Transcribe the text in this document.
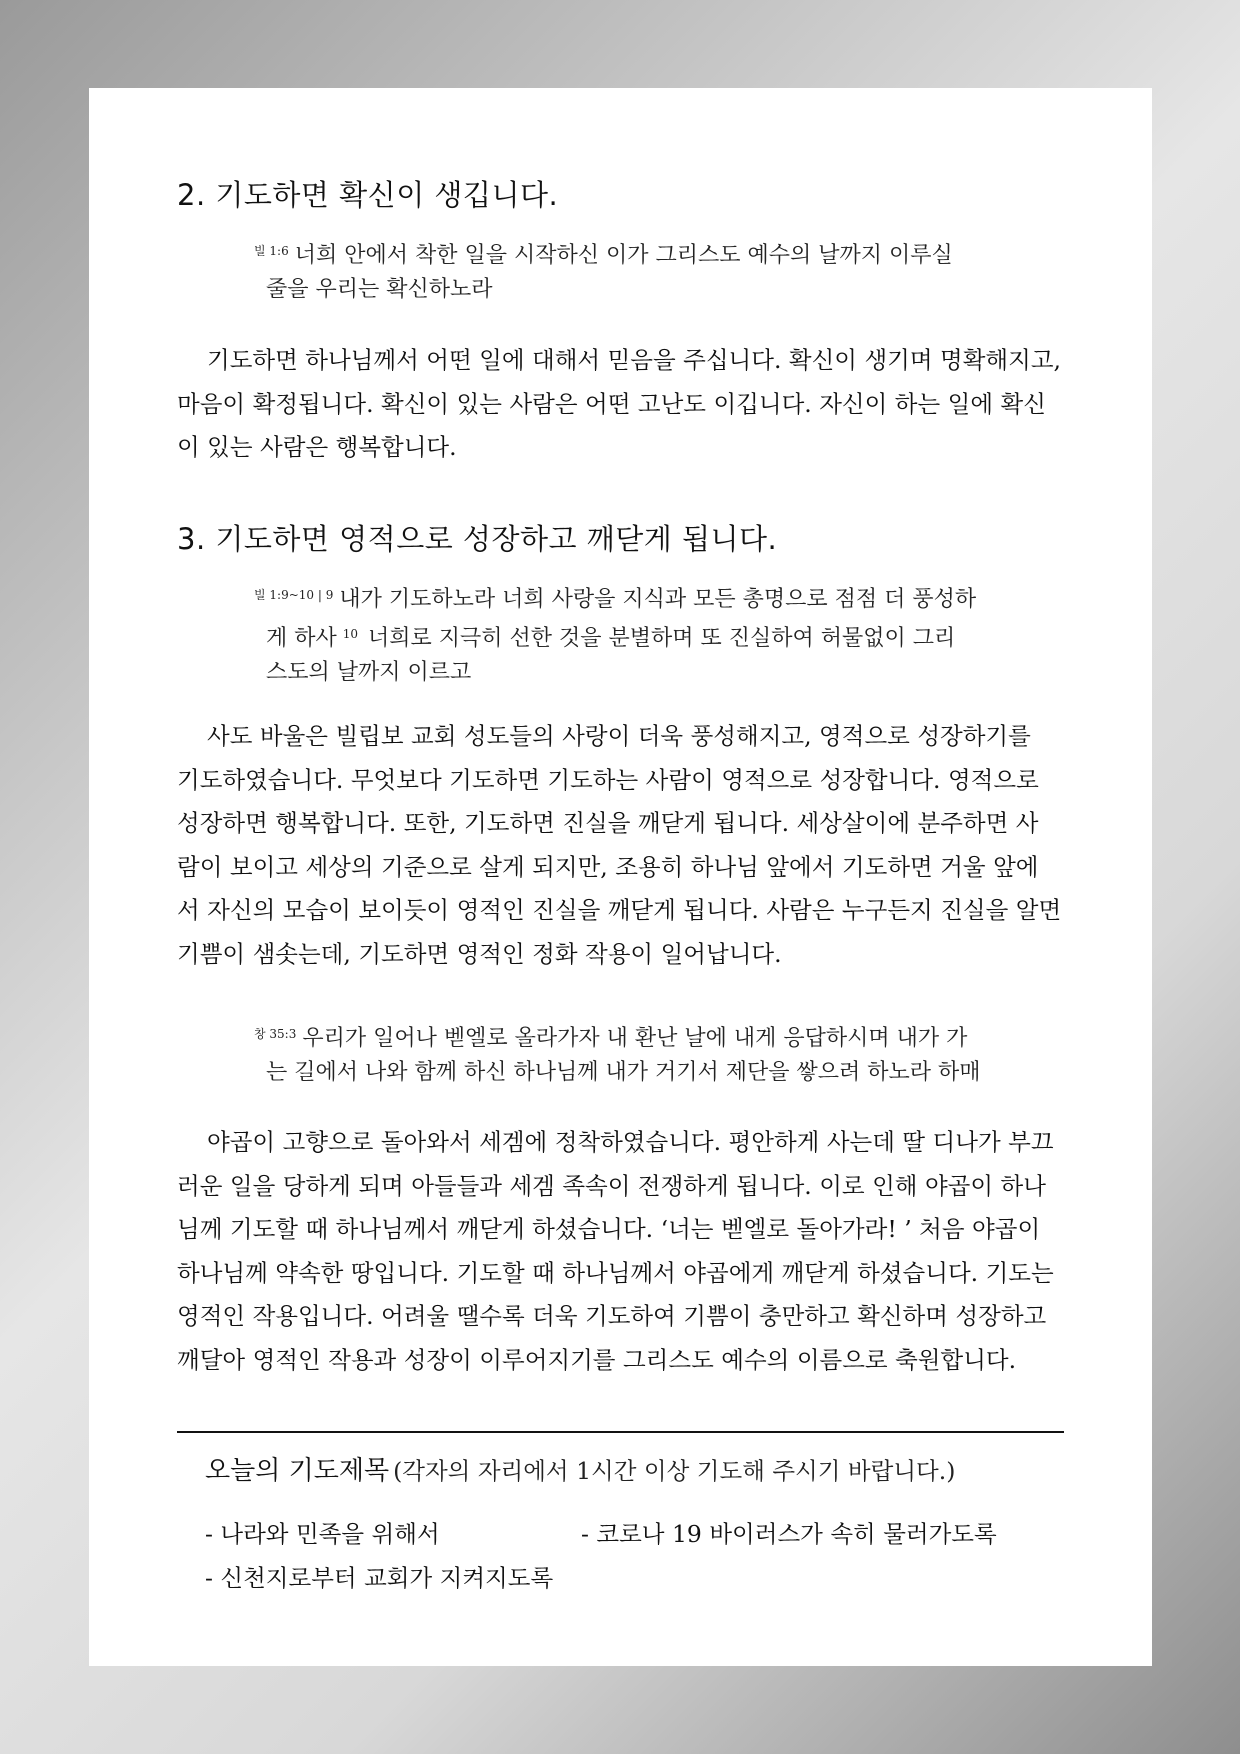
2. 기도하면 확신이 생깁니다.
$^{빌 1:6}$ 너희 안에서 착한 일을 시작하신 이가 그리스도 예수의 날까지 이루실
줄을 우리는 확신하노라
기도하면 하나님께서 어떤 일에 대해서 믿음을 주십니다. 확신이 생기며 명확해지고,
마음이 확정됩니다. 확신이 있는 사람은 어떤 고난도 이깁니다. 자신이 하는 일에 확신
이 있는 사람은 행복합니다.
3. 기도하면 영적으로 성장하고 깨닫게 됩니다.
$^{빌 1:9\sim 10 | 9}$ 내가 기도하노라 너희 사랑을 지식과 모든 총명으로 점점 더 풍성하
게 하사 $^{10}$ 너희로 지극히 선한 것을 분별하며 또 진실하여 허물없이 그리
스도의 날까지 이르고
사도 바울은 빌립보 교회 성도들의 사랑이 더욱 풍성해지고, 영적으로 성장하기를
기도하였습니다. 무엇보다 기도하면 기도하는 사람이 영적으로 성장합니다. 영적으로
성장하면 행복합니다. 또한, 기도하면 진실을 깨닫게 됩니다. 세상살이에 분주하면 사
람이 보이고 세상의 기준으로 살게 되지만, 조용히 하나님 앞에서 기도하면 거울 앞에
서 자신의 모습이 보이듯이 영적인 진실을 깨닫게 됩니다. 사람은 누구든지 진실을 알면
기쁨이 샘솟는데, 기도하면 영적인 정화 작용이 일어납니다.
$^{창 35:3}$ 우리가 일어나 벧엘로 올라가자 내 환난 날에 내게 응답하시며 내가 가
는 길에서 나와 함께 하신 하나님께 내가 거기서 제단을 쌓으려 하노라 하매
야곱이 고향으로 돌아와서 세겜에 정착하였습니다. 평안하게 사는데 딸 디나가 부끄
러운 일을 당하게 되며 아들들과 세겜 족속이 전쟁하게 됩니다. 이로 인해 야곱이 하나
님께 기도할 때 하나님께서 깨닫게 하셨습니다. ‘너는 벧엘로 돌아가라! ’ 처음 야곱이
하나님께 약속한 땅입니다. 기도할 때 하나님께서 야곱에게 깨닫게 하셨습니다. 기도는
영적인 작용입니다. 어려울 땔수록 더욱 기도하여 기쁨이 충만하고 확신하며 성장하고
깨달아 영적인 작용과 성장이 이루어지기를 그리스도 예수의 이름으로 축원합니다.
오늘의 기도제목 (각자의 자리에서 1시간 이상 기도해 주시기 바랍니다.)
- 나라와 민족을 위해서	- 코로나 19 바이러스가 속히 물러가도록
- 신천지로부터 교회가 지켜지도록
